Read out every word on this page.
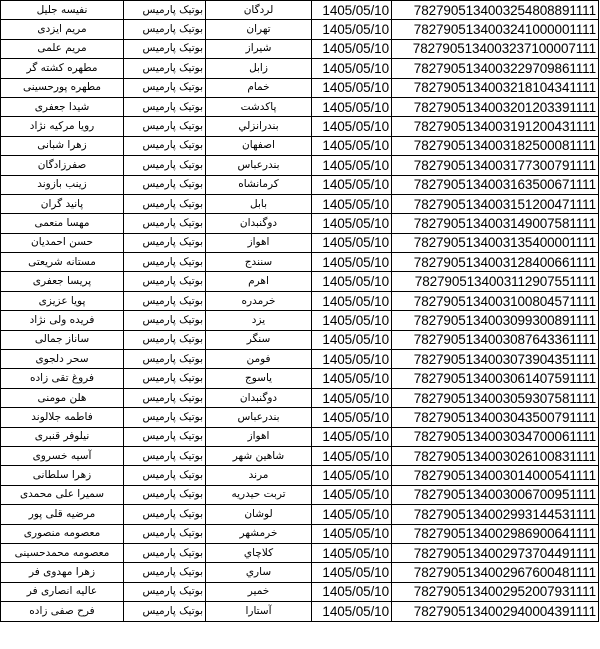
نفیسه جلیل	بوتیک پارمیس	لردگان	1405/05/10	7827905134003254808891111
مریم ایزدی	بوتیک پارمیس	تهران	1405/05/10	7827905134003241000001111
مریم علمی	بوتیک پارمیس	شیراز	1405/05/10	7827905134003237100007111
مطهره کشته گر	بوتیک پارمیس	زابل	1405/05/10	7827905134003229709861111
مطهره پورحسینی	بوتیک پارمیس	خمام	1405/05/10	7827905134003218104341111
شیدا جعفری	بوتیک پارمیس	پاکدشت	1405/05/10	7827905134003201203391111
رویا مرکیه نژاد	بوتیک پارمیس	بندرانزلي	1405/05/10	7827905134003191200431111
زهرا شبانی	بوتیک پارمیس	اصفهان	1405/05/10	7827905134003182500081111
صفرزادگان	بوتیک پارمیس	بندرعباس	1405/05/10	7827905134003177300791111
زینب بازوند	بوتیک پارمیس	کرمانشاه	1405/05/10	7827905134003163500671111
پانید گران	بوتیک پارمیس	بابل	1405/05/10	7827905134003151200471111
مهسا منعمی	بوتیک پارمیس	دوگنبدان	1405/05/10	7827905134003149007581111
حسن احمدیان	بوتیک پارمیس	اهواز	1405/05/10	7827905134003135400001111
مستانه شریعتی	بوتیک پارمیس	سنندج	1405/05/10	7827905134003128400661111
پریسا جعفری	بوتیک پارمیس	اهرم	1405/05/10	7827905134003112907551111
پویا عزیزی	بوتیک پارمیس	خرمدره	1405/05/10	7827905134003100804571111
فریده ولی نژاد	بوتیک پارمیس	یزد	1405/05/10	7827905134003099300891111
ساناز جمالی	بوتیک پارمیس	سنگر	1405/05/10	7827905134003087643361111
سحر دلجوی	بوتیک پارمیس	فومن	1405/05/10	7827905134003073904351111
فروغ تقی زاده	بوتیک پارمیس	یاسوج	1405/05/10	7827905134003061407591111
هلن مومنی	بوتیک پارمیس	دوگنبدان	1405/05/10	7827905134003059307581111
فاطمه جلالوند	بوتیک پارمیس	بندرعباس	1405/05/10	7827905134003043500791111
نیلوفر قنبری	بوتیک پارمیس	اهواز	1405/05/10	7827905134003034700061111
آسیه خسروی	بوتیک پارمیس	شاهین شهر	1405/05/10	7827905134003026100831111
زهرا سلطانی	بوتیک پارمیس	مرند	1405/05/10	7827905134003014000541111
سمیرا علی محمدی	بوتیک پارمیس	تربت حیدریه	1405/05/10	7827905134003006700951111
مرضیه قلی پور	بوتیک پارمیس	لوشان	1405/05/10	7827905134002993144531111
معصومه منصوری	بوتیک پارمیس	خرمشهر	1405/05/10	7827905134002986900641111
معصومه محمدحسینی	بوتیک پارمیس	کلاچاي	1405/05/10	7827905134002973704491111
زهرا مهدوی فر	بوتیک پارمیس	ساري	1405/05/10	7827905134002967600481111
عالیه انصاری فر	بوتیک پارمیس	خمیر	1405/05/10	7827905134002952007931111
فرح صفی زاده	بوتیک پارمیس	آستارا	1405/05/10	7827905134002940004391111
